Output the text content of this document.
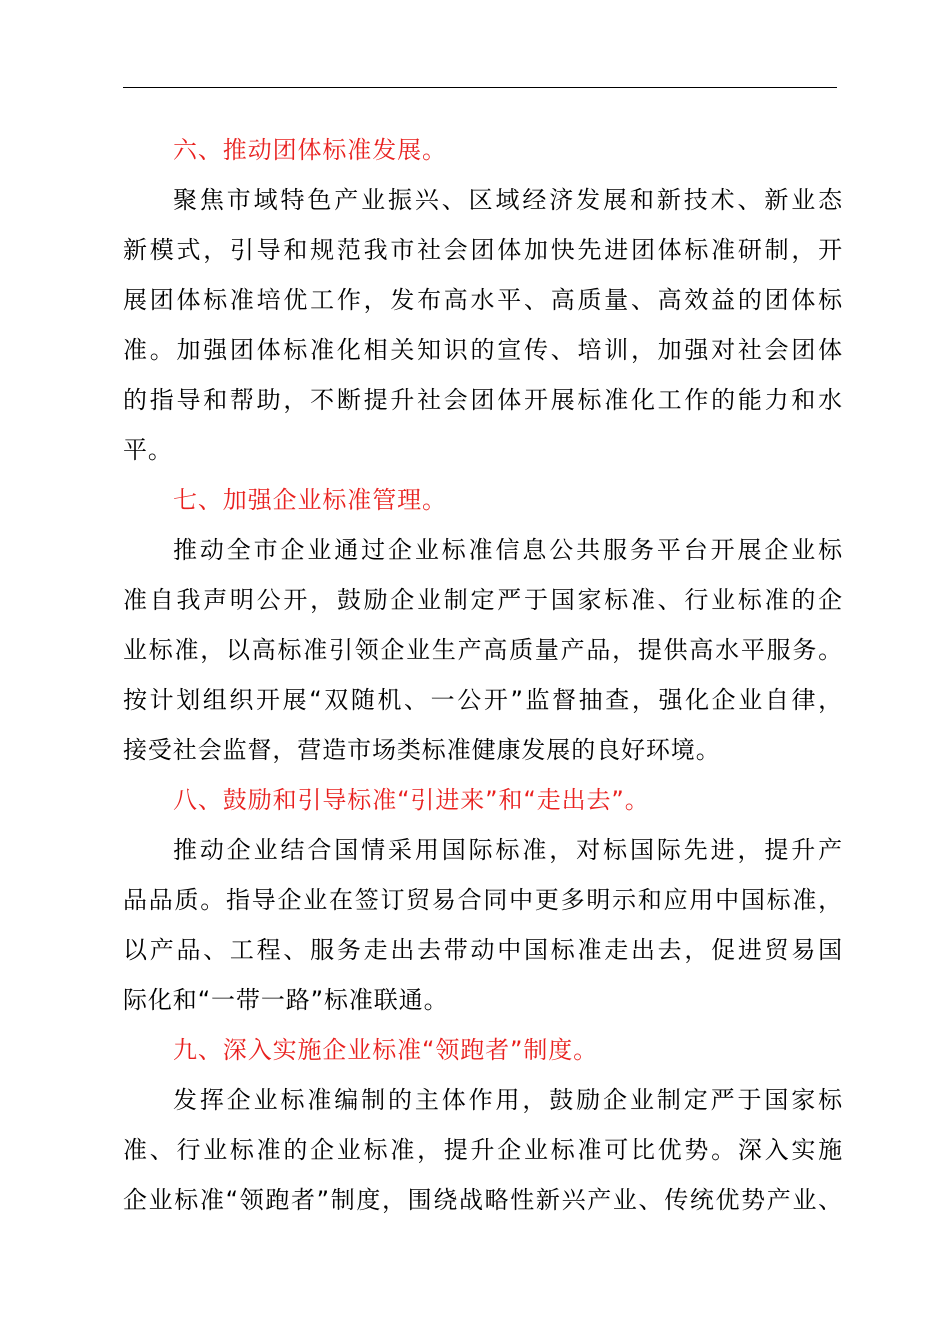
六、推动团体标准发展。
聚焦市域特色产业振兴、区域经济发展和新技术、新业态
新模式，引导和规范我市社会团体加快先进团体标准研制，开
展团体标准培优工作，发布高水平、高质量、高效益的团体标
准。加强团体标准化相关知识的宣传、培训，加强对社会团体
的指导和帮助，不断提升社会团体开展标准化工作的能力和水
平。
七、加强企业标准管理。
推动全市企业通过企业标准信息公共服务平台开展企业标
准自我声明公开，鼓励企业制定严于国家标准、行业标准的企
业标准，以高标准引领企业生产高质量产品，提供高水平服务。
按计划组织开展“双随机、一公开”监督抽查，强化企业自律，
接受社会监督，营造市场类标准健康发展的良好环境。
八、鼓励和引导标准“引进来”和“走出去”。
推动企业结合国情采用国际标准，对标国际先进，提升产
品品质。指导企业在签订贸易合同中更多明示和应用中国标准，
以产品、工程、服务走出去带动中国标准走出去，促进贸易国
际化和“一带一路”标准联通。
九、深入实施企业标准“领跑者”制度。
发挥企业标准编制的主体作用，鼓励企业制定严于国家标
准、行业标准的企业标准，提升企业标准可比优势。深入实施
企业标准“领跑者”制度，围绕战略性新兴产业、传统优势产业、
